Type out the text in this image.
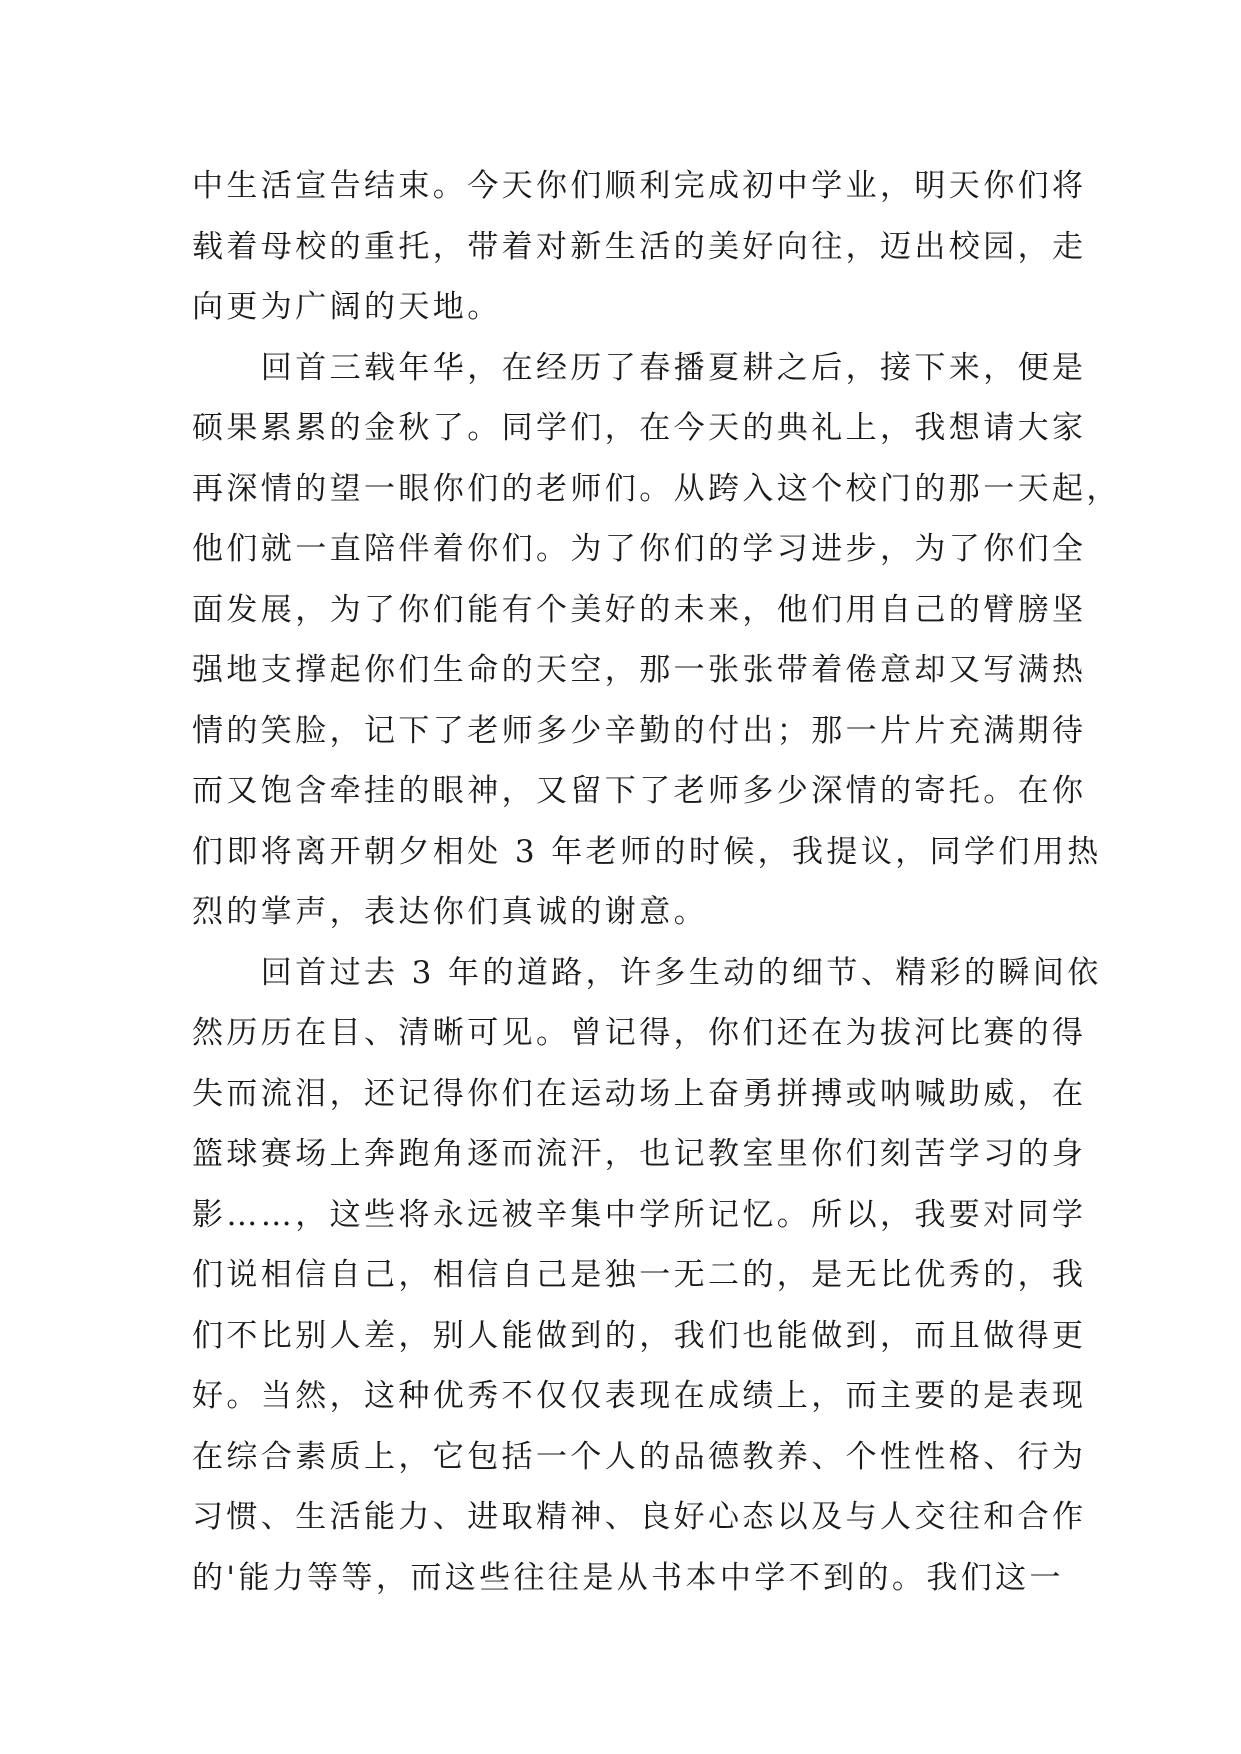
中生活宣告结束。今天你们顺利完成初中学业，明天你们将
载着母校的重托，带着对新生活的美好向往，迈出校园，走
向更为广阔的天地。
　　回首三载年华，在经历了春播夏耕之后，接下来，便是
硕果累累的金秋了。同学们，在今天的典礼上，我想请大家
再深情的望一眼你们的老师们。从跨入这个校门的那一天起，
他们就一直陪伴着你们。为了你们的学习进步，为了你们全
面发展，为了你们能有个美好的未来，他们用自己的臂膀坚
强地支撑起你们生命的天空，那一张张带着倦意却又写满热
情的笑脸，记下了老师多少辛勤的付出；那一片片充满期待
而又饱含牵挂的眼神，又留下了老师多少深情的寄托。在你
们即将离开朝夕相处 3 年老师的时候，我提议，同学们用热
烈的掌声，表达你们真诚的谢意。
　　回首过去 3 年的道路，许多生动的细节、精彩的瞬间依
然历历在目、清晰可见。曾记得，你们还在为拔河比赛的得
失而流泪，还记得你们在运动场上奋勇拼搏或呐喊助威，在
篮球赛场上奔跑角逐而流汗，也记教室里你们刻苦学习的身
影……，这些将永远被辛集中学所记忆。所以，我要对同学
们说相信自己，相信自己是独一无二的，是无比优秀的，我
们不比别人差，别人能做到的，我们也能做到，而且做得更
好。当然，这种优秀不仅仅表现在成绩上，而主要的是表现
在综合素质上，它包括一个人的品德教养、个性性格、行为
习惯、生活能力、进取精神、良好心态以及与人交往和合作
的'能力等等，而这些往往是从书本中学不到的。我们这一
